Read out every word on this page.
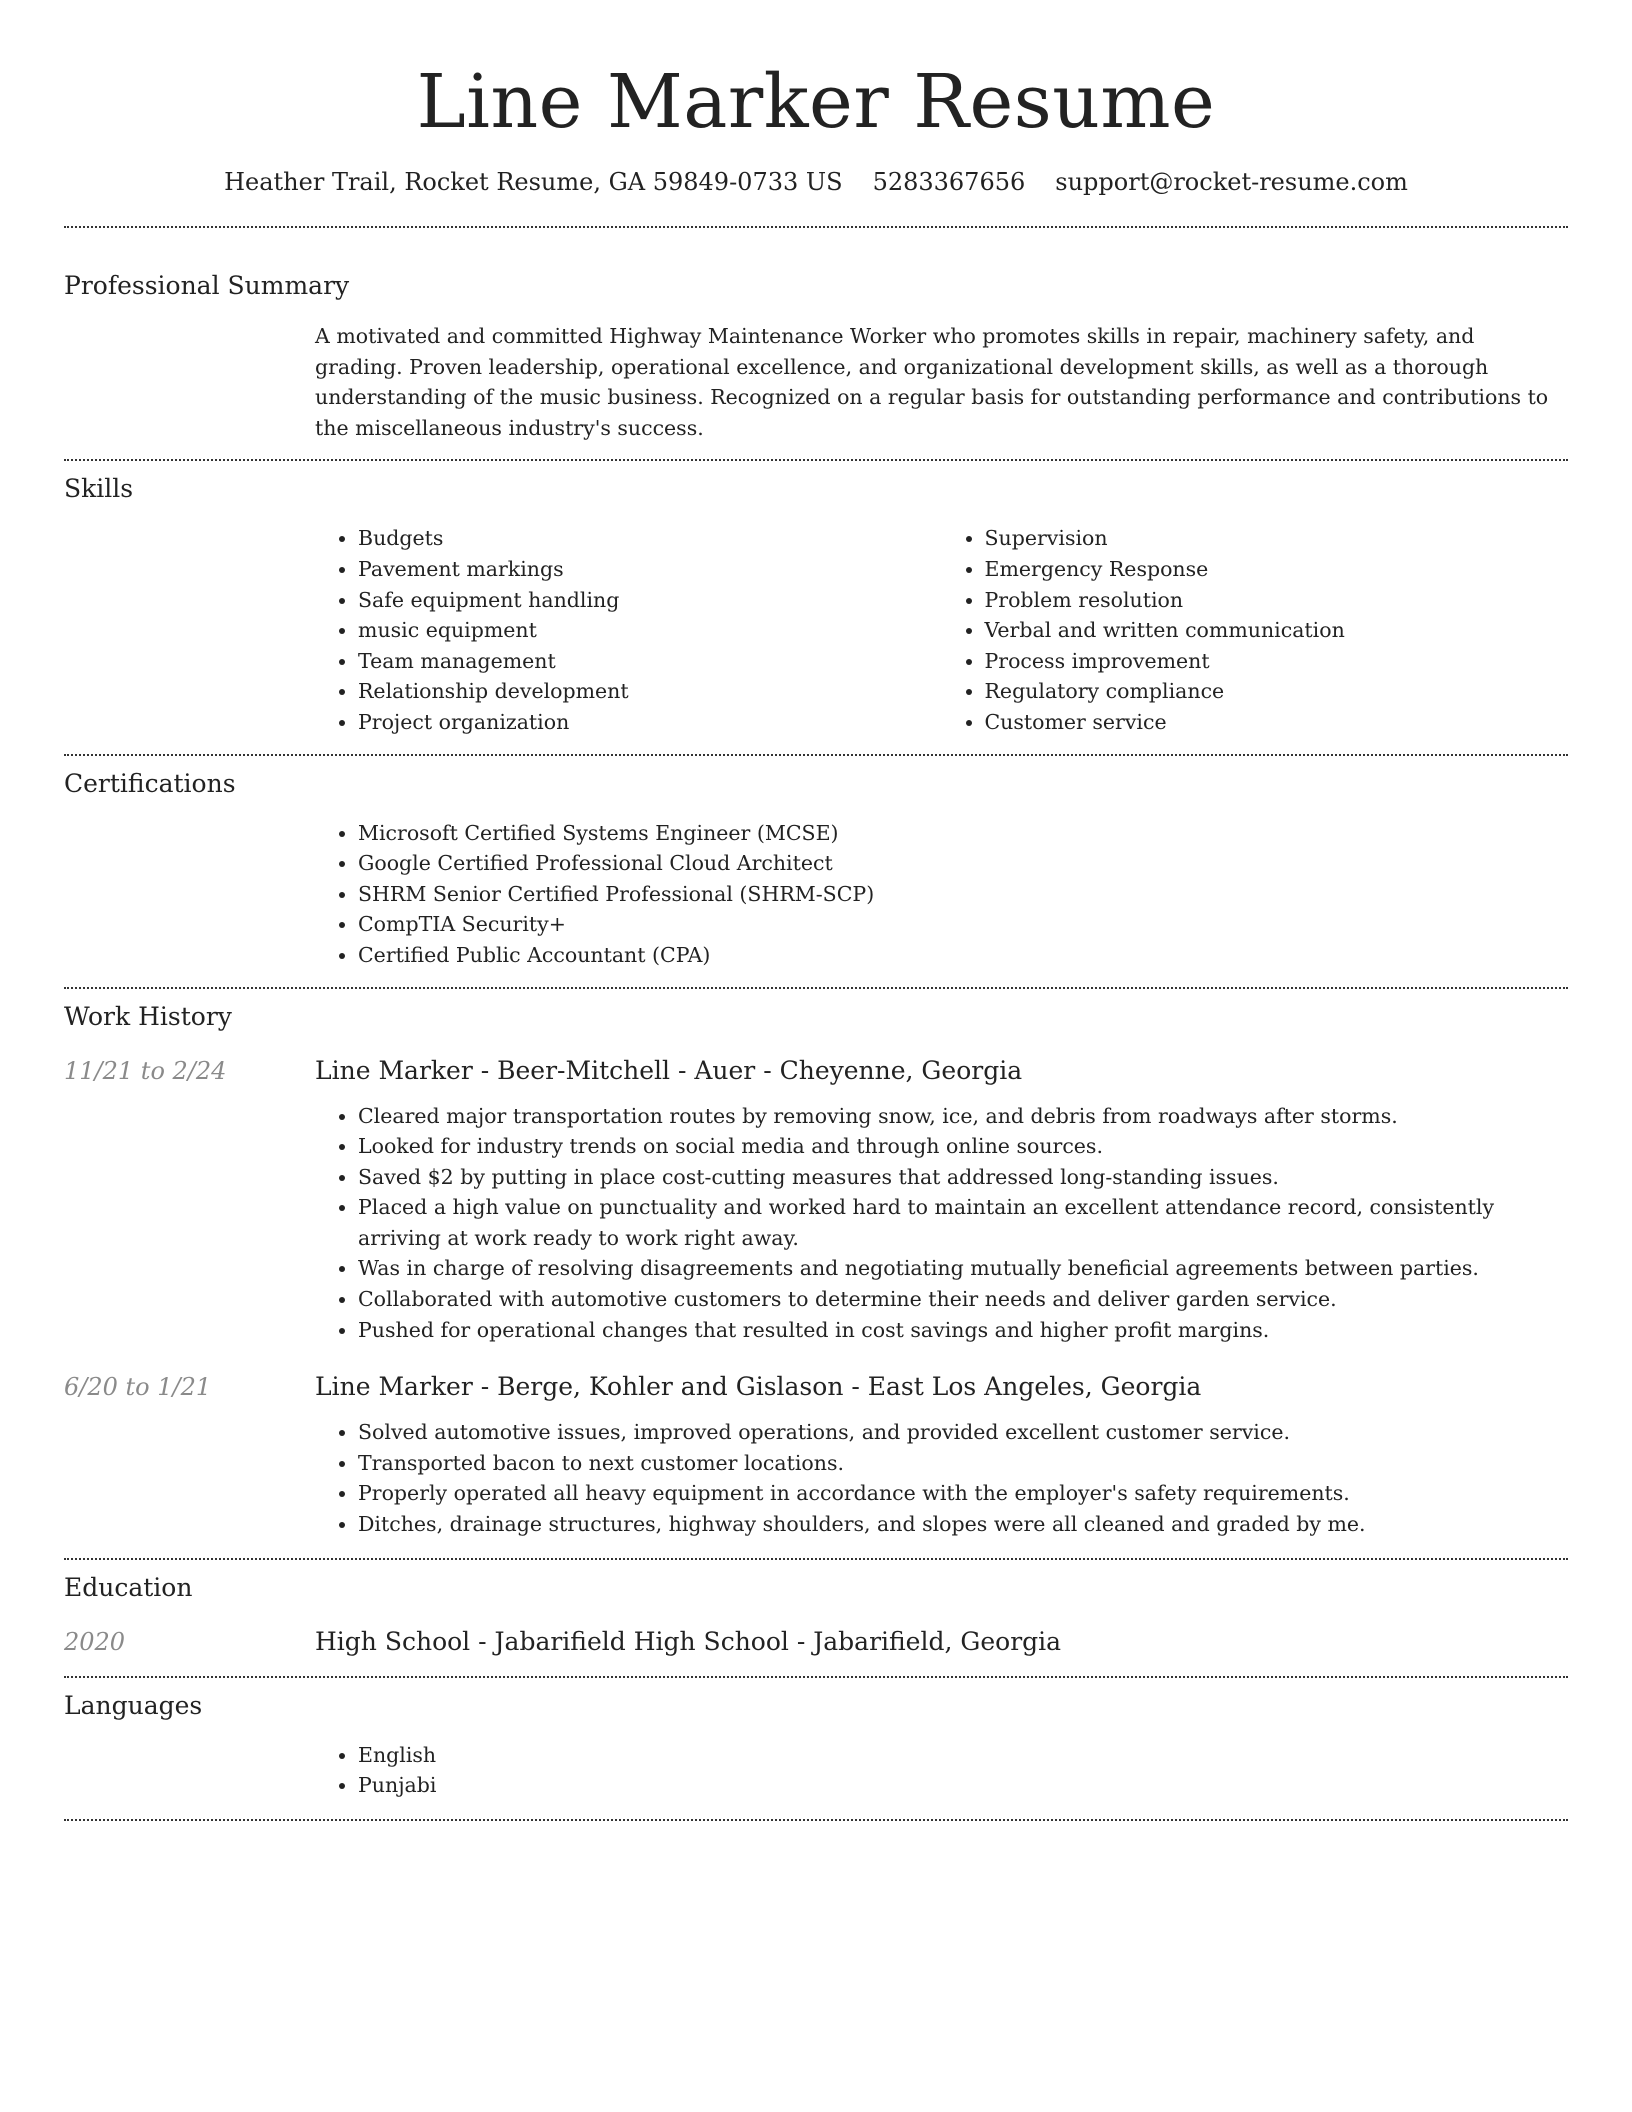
Line Marker Resume
Heather Trail, Rocket Resume, GA 59849-0733 US 5283367656 support@rocket-resume.com
Professional Summary

A motivated and committed Highway Maintenance Worker who promotes skills in repair, machinery safety, and grading. Proven leadership, operational excellence, and organizational development skills, as well as a thorough understanding of the music business. Recognized on a regular basis for outstanding performance and contributions to the miscellaneous industry's success.

Skills
• Budgets
• Pavement markings
• Safe equipment handling
• music equipment
• Team management
• Relationship development
• Project organization
• Supervision
• Emergency Response
• Problem resolution
• Verbal and written communication
• Process improvement
• Regulatory compliance
• Customer service
Certifications
• Microsoft Certified Systems Engineer (MCSE)
• Google Certified Professional Cloud Architect
• SHRM Senior Certified Professional (SHRM-SCP)
• CompTIA Security+
• Certified Public Accountant (CPA)
Work History
11/21 to 2/24	Line Marker - Beer-Mitchell - Auer - Cheyenne, Georgia
• Cleared major transportation routes by removing snow, ice, and debris from roadways after storms.
• Looked for industry trends on social media and through online sources.
• Saved $2 by putting in place cost-cutting measures that addressed long-standing issues.
• Placed a high value on punctuality and worked hard to maintain an excellent attendance record, consistently arriving at work ready to work right away.
• Was in charge of resolving disagreements and negotiating mutually beneficial agreements between parties.
• Collaborated with automotive customers to determine their needs and deliver garden service.
• Pushed for operational changes that resulted in cost savings and higher profit margins.
6/20 to 1/21	Line Marker - Berge, Kohler and Gislason - East Los Angeles, Georgia
• Solved automotive issues, improved operations, and provided excellent customer service.
• Transported bacon to next customer locations.
• Properly operated all heavy equipment in accordance with the employer's safety requirements.
• Ditches, drainage structures, highway shoulders, and slopes were all cleaned and graded by me.
Education
2020	High School - Jabarifield High School - Jabarifield, Georgia
Languages
• English
• Punjabi
